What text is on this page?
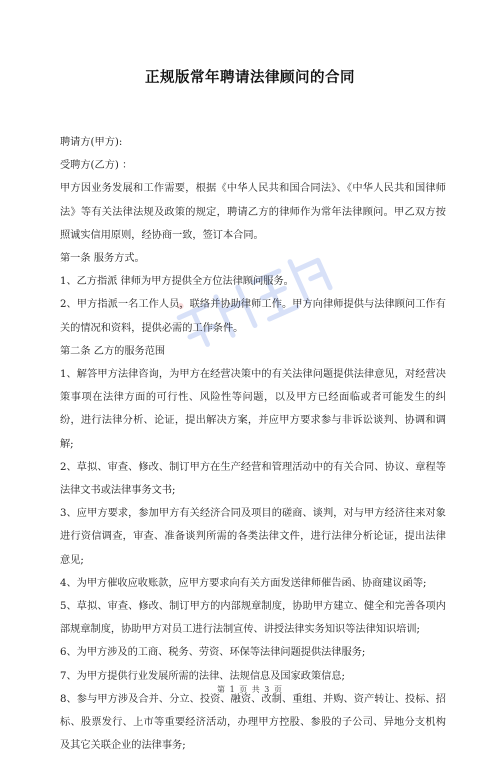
正规版常年聘请法律顾问的合同

聘请方(甲方):

受聘方(乙方) ：

甲方因业务发展和工作需要，根据《中华人民共和国合同法》、《中华人民共和国律师法》等有关法律法规及政策的规定，聘请乙方的律师作为常年法律顾问。甲乙双方按照诚实信用原则，经协商一致，签订本合同。

第一条 服务方式。

1、乙方指派 律师为甲方提供全方位法律顾问服务。

2、甲方指派一名工作人员，联络并协助律师工作。甲方向律师提供与法律顾问工作有关的情况和资料，提供必需的工作条件。

第二条 乙方的服务范围

1、解答甲方法律咨询，为甲方在经营决策中的有关法律问题提供法律意见，对经营决策事项在法律方面的可行性、风险性等问题，以及甲方已经面临或者可能发生的纠纷，进行法律分析、论证，提出解决方案，并应甲方要求参与非诉讼谈判、协调和调解;

2、草拟、审查、修改、制订甲方在生产经营和管理活动中的有关合同、协议、章程等法律文书或法律事务文书;

3、应甲方要求，参加甲方有关经济合同及项目的磋商、谈判，对与甲方经济往来对象进行资信调查，审查、准备谈判所需的各类法律文件，进行法律分析论证，提出法律意见;

4、为甲方催收应收账款，应甲方要求向有关方面发送律师催告函、协商建议函等;

5、草拟、审查、修改、制订甲方的内部规章制度，协助甲方建立、健全和完善各项内部规章制度，协助甲方对员工进行法制宣传、讲授法律实务知识等法律知识培训;

6、为甲方涉及的工商、税务、劳资、环保等法律问题提供法律服务;

7、为甲方提供行业发展所需的法律、法规信息及国家政策信息;

8、参与甲方涉及合并、分立、投资、融资、改制、重组、并购、资产转让、投标、招标、股票发行、上市等重要经济活动，办理甲方控股、参股的子公司、异地分支机构及其它关联企业的法律事务;

第 1 页 共 3 页
